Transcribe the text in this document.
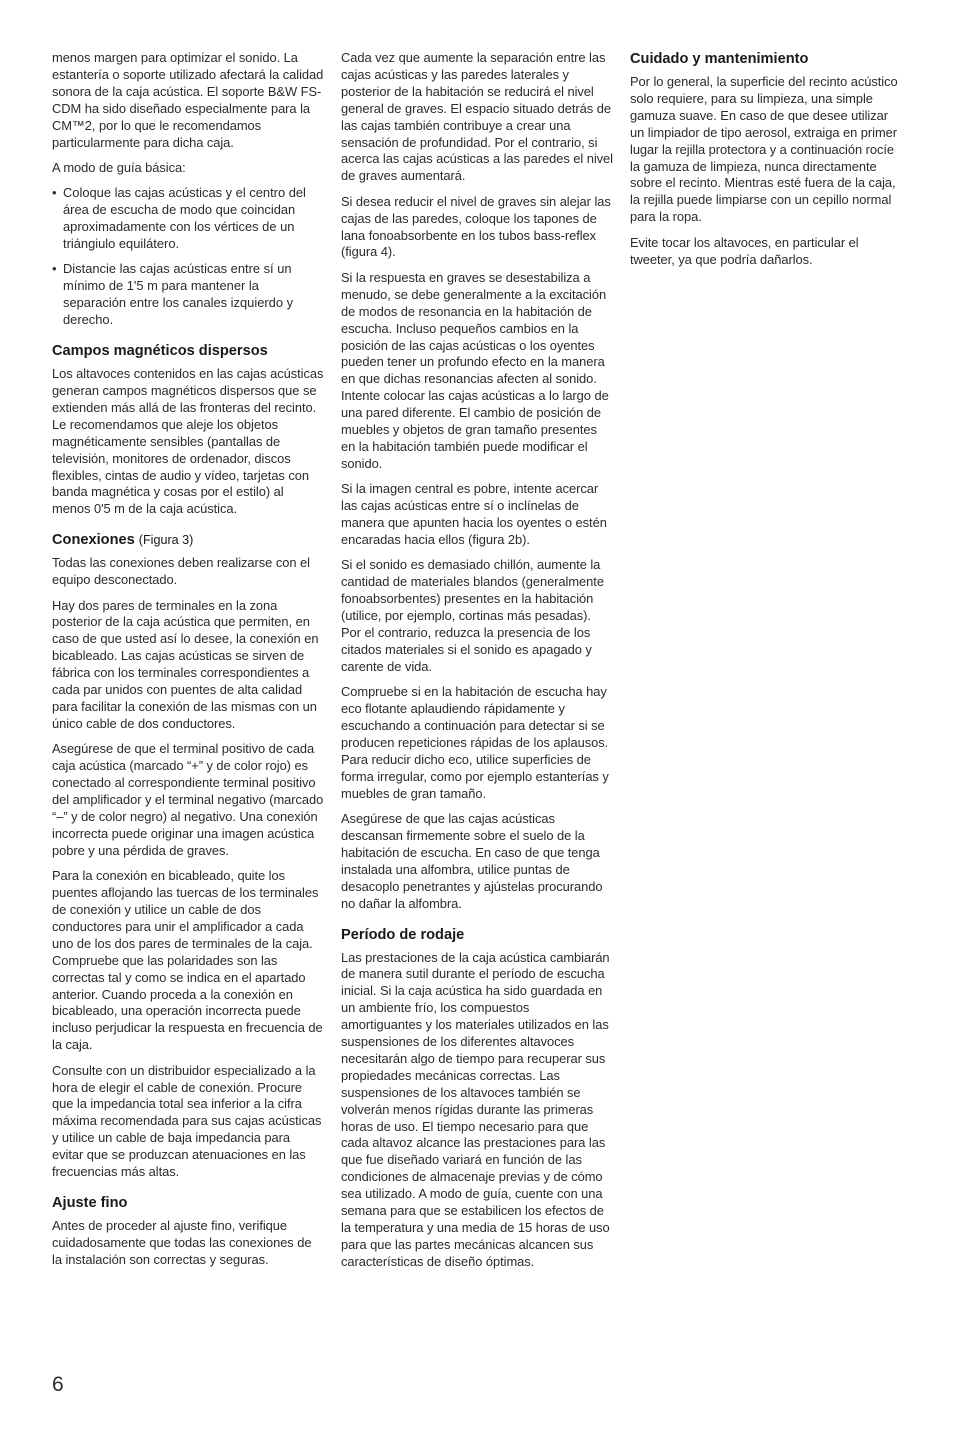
menos margen para optimizar el sonido. La estantería o soporte utilizado afectará la calidad sonora de la caja acústica. El soporte B&W FS-CDM ha sido diseñado especialmente para la CM™2, por lo que le recomendamos particularmente para dicha caja.

A modo de guía básica:

• Coloque las cajas acústicas y el centro del área de escucha de modo que coincidan aproximadamente con los vértices de un triángiulo equilátero.
• Distancie las cajas acústicas entre sí un mínimo de 1'5 m para mantener la separación entre los canales izquierdo y derecho.
Campos magnéticos dispersos

Los altavoces contenidos en las cajas acústicas generan campos magnéticos dispersos que se extienden más allá de las fronteras del recinto. Le recomendamos que aleje los objetos magnéticamente sensibles (pantallas de televisión, monitores de ordenador, discos flexibles, cintas de audio y vídeo, tarjetas con banda magnética y cosas por el estilo) al menos 0'5 m de la caja acústica.

Conexiones (Figura 3)

Todas las conexiones deben realizarse con el equipo desconectado.

Hay dos pares de terminales en la zona posterior de la caja acústica que permiten, en caso de que usted así lo desee, la conexión en bicableado. Las cajas acústicas se sirven de fábrica con los terminales correspondientes a cada par unidos con puentes de alta calidad para facilitar la conexión de las mismas con un único cable de dos conductores.

Asegúrese de que el terminal positivo de cada caja acústica (marcado “+” y de color rojo) es conectado al correspondiente terminal positivo del amplificador y el terminal negativo (marcado “–” y de color negro) al negativo. Una conexión incorrecta puede originar una imagen acústica pobre y una pérdida de graves.

Para la conexión en bicableado, quite los puentes aflojando las tuercas de los terminales de conexión y utilice un cable de dos conductores para unir el amplificador a cada uno de los dos pares de terminales de la caja. Compruebe que las polaridades son las correctas tal y como se indica en el apartado anterior. Cuando proceda a la conexión en bicableado, una operación incorrecta puede incluso perjudicar la respuesta en frecuencia de la caja.

Consulte con un distribuidor especializado a la hora de elegir el cable de conexión. Procure que la impedancia total sea inferior a la cifra máxima recomendada para sus cajas acústicas y utilice un cable de baja impedancia para evitar que se produzcan atenuaciones en las frecuencias más altas.

Ajuste fino

Antes de proceder al ajuste fino, verifique cuidadosamente que todas las conexiones de la instalación son correctas y seguras.

Cada vez que aumente la separación entre las cajas acústicas y las paredes laterales y posterior de la habitación se reducirá el nivel general de graves. El espacio situado detrás de las cajas también contribuye a crear una sensación de profundidad. Por el contrario, si acerca las cajas acústicas a las paredes el nivel de graves aumentará.

Si desea reducir el nivel de graves sin alejar las cajas de las paredes, coloque los tapones de lana fonoabsorbente en los tubos bass-reflex (figura 4).

Si la respuesta en graves se desestabiliza a menudo, se debe generalmente a la excitación de modos de resonancia en la habitación de escucha. Incluso pequeños cambios en la posición de las cajas acústicas o los oyentes pueden tener un profundo efecto en la manera en que dichas resonancias afecten al sonido. Intente colocar las cajas acústicas a lo largo de una pared diferente. El cambio de posición de muebles y objetos de gran tamaño presentes en la habitación también puede modificar el sonido.

Si la imagen central es pobre, intente acercar las cajas acústicas entre sí o inclínelas de manera que apunten hacia los oyentes o estén encaradas hacia ellos (figura 2b).

Si el sonido es demasiado chillón, aumente la cantidad de materiales blandos (generalmente fonoabsorbentes) presentes en la habitación (utilice, por ejemplo, cortinas más pesadas). Por el contrario, reduzca la presencia de los citados materiales si el sonido es apagado y carente de vida.

Compruebe si en la habitación de escucha hay eco flotante aplaudiendo rápidamente y escuchando a continuación para detectar si se producen repeticiones rápidas de los aplausos. Para reducir dicho eco, utilice superficies de forma irregular, como por ejemplo estanterías y muebles de gran tamaño.

Asegúrese de que las cajas acústicas descansan firmemente sobre el suelo de la habitación de escucha. En caso de que tenga instalada una alfombra, utilice puntas de desacoplo penetrantes y ajústelas procurando no dañar la alfombra.

Período de rodaje

Las prestaciones de la caja acústica cambiarán de manera sutil durante el período de escucha inicial. Si la caja acústica ha sido guardada en un ambiente frío, los compuestos amortiguantes y los materiales utilizados en las suspensiones de los diferentes altavoces necesitarán algo de tiempo para recuperar sus propiedades mecánicas correctas. Las suspensiones de los altavoces también se volverán menos rígidas durante las primeras horas de uso. El tiempo necesario para que cada altavoz alcance las prestaciones para las que fue diseñado variará en función de las condiciones de almacenaje previas y de cómo sea utilizado. A modo de guía, cuente con una semana para que se estabilicen los efectos de la temperatura y una media de 15 horas de uso para que las partes mecánicas alcancen sus características de diseño óptimas.

Cuidado y mantenimiento

Por lo general, la superficie del recinto acústico solo requiere, para su limpieza, una simple gamuza suave. En caso de que desee utilizar un limpiador de tipo aerosol, extraiga en primer lugar la rejilla protectora y a continuación rocíe la gamuza de limpieza, nunca directamente sobre el recinto. Mientras esté fuera de la caja, la rejilla puede limpiarse con un cepillo normal para la ropa.

Evite tocar los altavoces, en particular el tweeter, ya que podría dañarlos.

6
